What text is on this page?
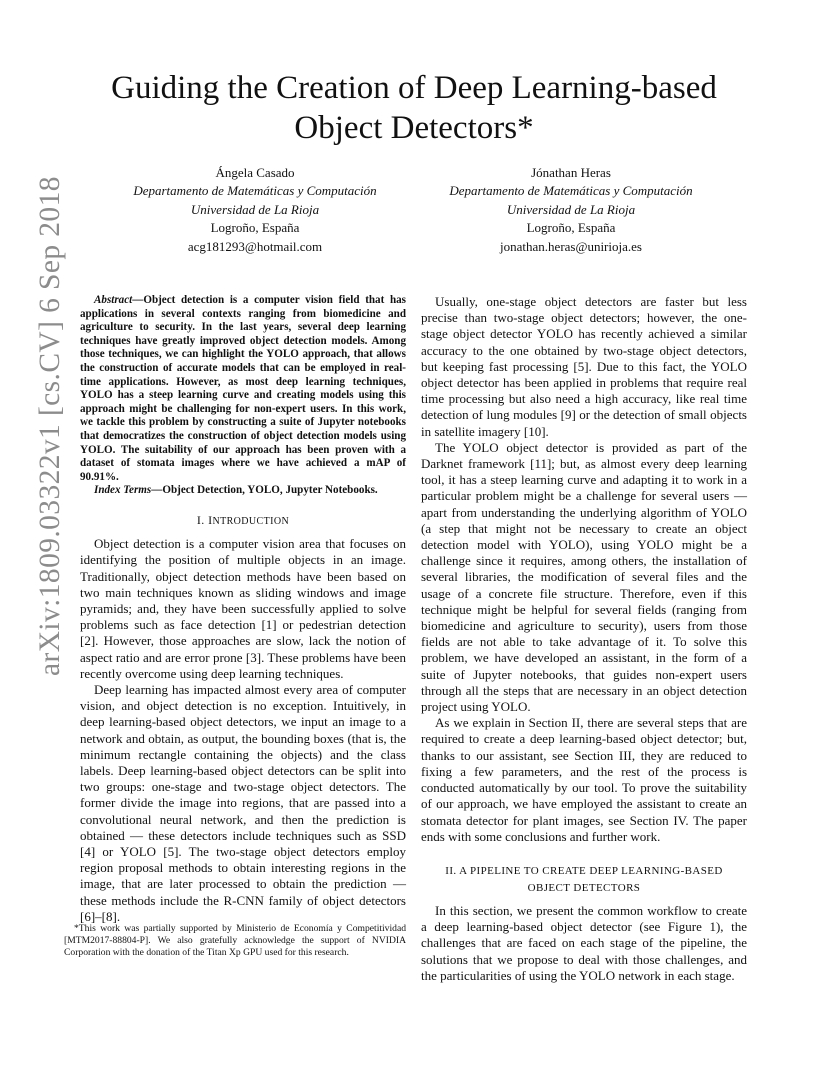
Guiding the Creation of Deep Learning-based
Object Detectors*
Ángela Casado
Departamento de Matemáticas y Computación
Universidad de La Rioja
Logroño, España
acg181293@hotmail.com
Jónathan Heras
Departamento de Matemáticas y Computación
Universidad de La Rioja
Logroño, España
jonathan.heras@unirioja.es
arXiv:1809.03322v1 [cs.CV] 6 Sep 2018	Abstract—Object detection is a computer vision field that has applications in several contexts ranging from biomedicine and agriculture to security. In the last years, several deep learning techniques have greatly improved object detection models. Among those techniques, we can highlight the YOLO approach, that allows the construction of accurate models that can be employed in real-time applications. However, as most deep learning techniques, YOLO has a steep learning curve and creating models using this approach might be challenging for non-expert users. In this work, we tackle this problem by constructing a suite of Jupyter notebooks that democratizes the construction of object detection models using YOLO. The suitability of our approach has been proven with a dataset of stomata images where we have achieved a mAP of 90.91%.

Index Terms—Object Detection, YOLO, Jupyter Notebooks.

I. INTRODUCTION

Object detection is a computer vision area that focuses on identifying the position of multiple objects in an image. Traditionally, object detection methods have been based on two main techniques known as sliding windows and image pyramids; and, they have been successfully applied to solve problems such as face detection [1] or pedestrian detection [2]. However, those approaches are slow, lack the notion of aspect ratio and are error prone [3]. These problems have been recently overcome using deep learning techniques.

Deep learning has impacted almost every area of computer vision, and object detection is no exception. Intuitively, in deep learning-based object detectors, we input an image to a network and obtain, as output, the bounding boxes (that is, the minimum rectangle containing the objects) and the class labels. Deep learning-based object detectors can be split into two groups: one-stage and two-stage object detectors. The former divide the image into regions, that are passed into a convolutional neural network, and then the prediction is obtained — these detectors include techniques such as SSD [4] or YOLO [5]. The two-stage object detectors employ region proposal methods to obtain interesting regions in the image, that are later processed to obtain the prediction — these methods include the R-CNN family of object detectors [6]–[8].

*This work was partially supported by Ministerio de Economía y Competitividad [MTM2017-88804-P]. We also gratefully acknowledge the support of NVIDIA Corporation with the donation of the Titan Xp GPU used for this research.

Usually, one-stage object detectors are faster but less precise than two-stage object detectors; however, the one-stage object detector YOLO has recently achieved a similar accuracy to the one obtained by two-stage object detectors, but keeping fast processing [5]. Due to this fact, the YOLO object detector has been applied in problems that require real time processing but also need a high accuracy, like real time detection of lung modules [9] or the detection of small objects in satellite imagery [10].

The YOLO object detector is provided as part of the Darknet framework [11]; but, as almost every deep learning tool, it has a steep learning curve and adapting it to work in a particular problem might be a challenge for several users — apart from understanding the underlying algorithm of YOLO (a step that might not be necessary to create an object detection model with YOLO), using YOLO might be a challenge since it requires, among others, the installation of several libraries, the modification of several files and the usage of a concrete file structure. Therefore, even if this technique might be helpful for several fields (ranging from biomedicine and agriculture to security), users from those fields are not able to take advantage of it. To solve this problem, we have developed an assistant, in the form of a suite of Jupyter notebooks, that guides non-expert users through all the steps that are necessary in an object detection project using YOLO.

As we explain in Section II, there are several steps that are required to create a deep learning-based object detector; but, thanks to our assistant, see Section III, they are reduced to fixing a few parameters, and the rest of the process is conducted automatically by our tool. To prove the suitability of our approach, we have employed the assistant to create an stomata detector for plant images, see Section IV. The paper ends with some conclusions and further work.

II. A PIPELINE TO CREATE DEEP LEARNING-BASED
OBJECT DETECTORS

In this section, we present the common workflow to create a deep learning-based object detector (see Figure 1), the challenges that are faced on each stage of the pipeline, the solutions that we propose to deal with those challenges, and the particularities of using the YOLO network in each stage.
